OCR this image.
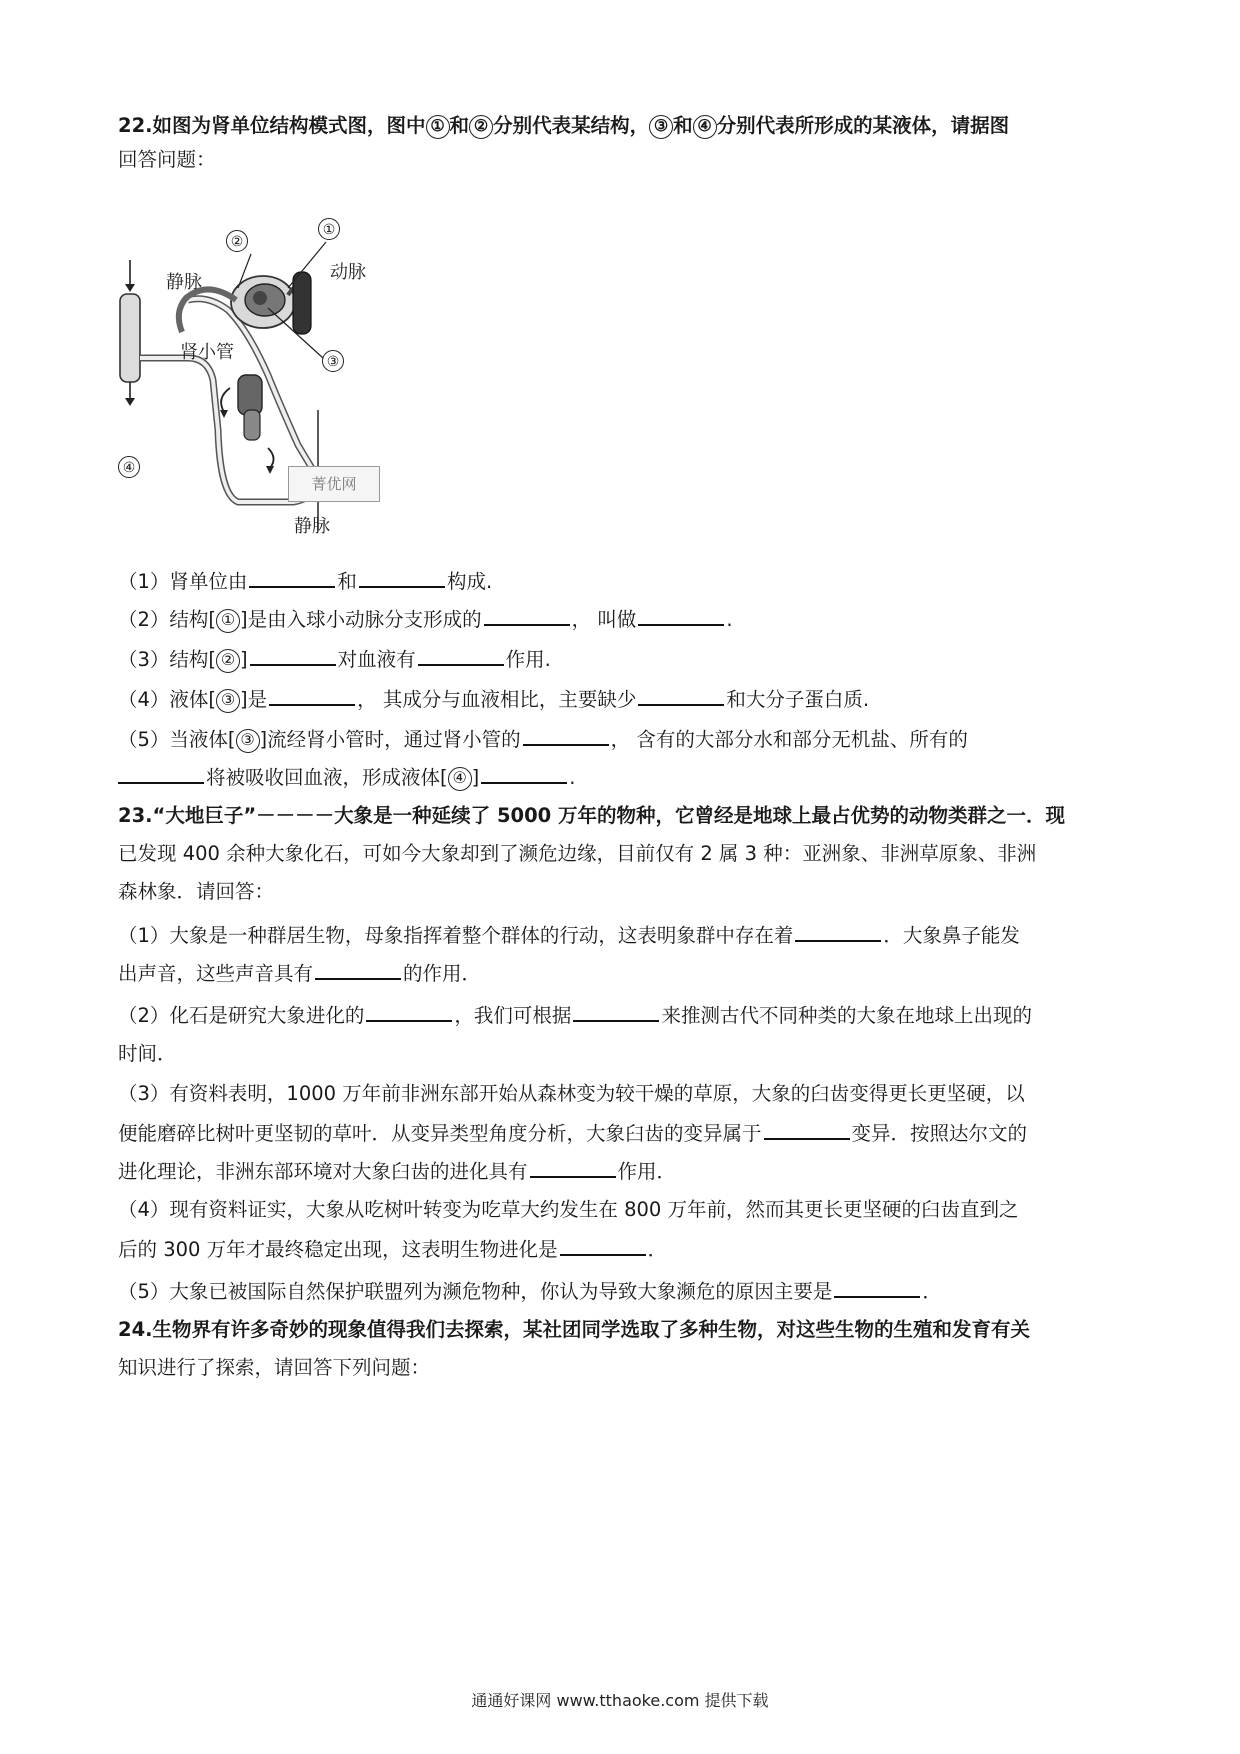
22.如图为肾单位结构模式图，图中 ① 和 ② 分别代表某结构， ③ 和 ④ 分别代表所形成的某液体，请据图
回答问题：
②
①
静脉	动脉
肾小管	③
④
静脉
菁优网
（1）肾单位由	和	构成.
（2）结构[ ① ]是由入球小动脉分支形成的	， 叫做	.
（3）结构[ ② ]	对血液有	作用.
（4）液体[ ③ ]是	， 其成分与血液相比，主要缺少	和大分子蛋白质.
（5）当液体[ ③ ]流经肾小管时，通过肾小管的	， 含有的大部分水和部分无机盐、所有的
将被吸收回血液，形成液体[ ④ ]	.
23.“大地巨子”－－－－大象是一种延续了 5000 万年的物种，它曾经是地球上最占优势的动物类群之一．现
已发现 400 余种大象化石，可如今大象却到了濒危边缘，目前仅有 2 属 3 种：亚洲象、非洲草原象、非洲
森林象．请回答：
（1）大象是一种群居生物，母象指挥着整个群体的行动，这表明象群中存在着	．大象鼻子能发
出声音，这些声音具有	的作用．
（2）化石是研究大象进化的	，我们可根据	来推测古代不同种类的大象在地球上出现的
时间．
（3）有资料表明，1000 万年前非洲东部开始从森林变为较干燥的草原，大象的臼齿变得更长更坚硬，以
便能磨碎比树叶更坚韧的草叶．从变异类型角度分析，大象臼齿的变异属于	变异．按照达尔文的
进化理论，非洲东部环境对大象臼齿的进化具有	作用．
（4）现有资料证实，大象从吃树叶转变为吃草大约发生在 800 万年前，然而其更长更坚硬的臼齿直到之
后的 300 万年才最终稳定出现，这表明生物进化是	．
（5）大象已被国际自然保护联盟列为濒危物种，你认为导致大象濒危的原因主要是	．
24.生物界有许多奇妙的现象值得我们去探索，某社团同学选取了多种生物，对这些生物的生殖和发育有关
知识进行了探索，请回答下列问题：
通通好课网 www.tthaoke.com 提供下载
